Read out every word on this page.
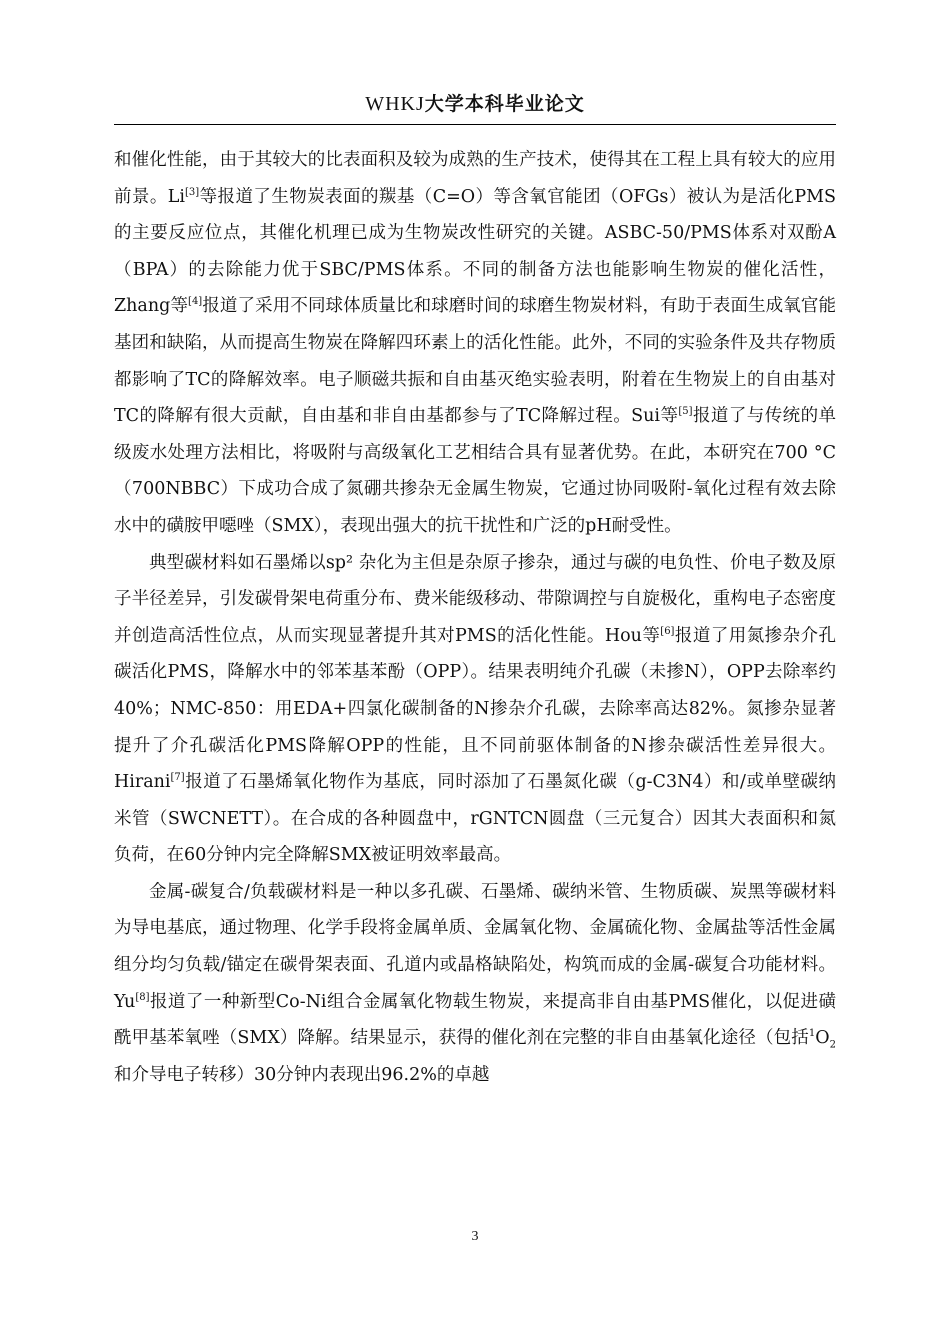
WHKJ大学本科毕业论文

和催化性能，由于其较大的比表面积及较为成熟的生产技术，使得其在工程上具有较大的应用前景。Li[3]等报道了生物炭表面的羰基（C=O）等含氧官能团（OFGs）被认为是活化PMS的主要反应位点，其催化机理已成为生物炭改性研究的关键。ASBC-50/PMS体系对双酚A（BPA）的去除能力优于SBC/PMS体系。不同的制备方法也能影响生物炭的催化活性，Zhang等[4]报道了采用不同球体质量比和球磨时间的球磨生物炭材料，有助于表面生成氧官能基团和缺陷，从而提高生物炭在降解四环素上的活化性能。此外，不同的实验条件及共存物质都影响了TC的降解效率。电子顺磁共振和自由基灭绝实验表明，附着在生物炭上的自由基对TC的降解有很大贡献，自由基和非自由基都参与了TC降解过程。Sui等[5]报道了与传统的单级废水处理方法相比，将吸附与高级氧化工艺相结合具有显著优势。在此，本研究在700 °C（700NBBC）下成功合成了氮硼共掺杂无金属生物炭，它通过协同吸附-氧化过程有效去除水中的磺胺甲噁唑（SMX），表现出强大的抗干扰性和广泛的pH耐受性。

典型碳材料如石墨烯以sp² 杂化为主但是杂原子掺杂，通过与碳的电负性、价电子数及原子半径差异，引发碳骨架电荷重分布、费米能级移动、带隙调控与自旋极化，重构电子态密度并创造高活性位点，从而实现显著提升其对PMS的活化性能。Hou等[6]报道了用氮掺杂介孔碳活化PMS，降解水中的邻苯基苯酚（OPP）。结果表明纯介孔碳（未掺N），OPP去除率约40%；NMC-850：用EDA+四氯化碳制备的N掺杂介孔碳，去除率高达82%。氮掺杂显著提升了介孔碳活化PMS降解OPP的性能，且不同前驱体制备的N掺杂碳活性差异很大。Hirani[7]报道了石墨烯氧化物作为基底，同时添加了石墨氮化碳（g-C3N4）和/或单壁碳纳米管（SWCNETT）。在合成的各种圆盘中，rGNTCN圆盘（三元复合）因其大表面积和氮负荷，在60分钟内完全降解SMX被证明效率最高。

金属-碳复合/负载碳材料是一种以多孔碳、石墨烯、碳纳米管、生物质碳、炭黑等碳材料为导电基底，通过物理、化学手段将金属单质、金属氧化物、金属硫化物、金属盐等活性金属组分均匀负载/锚定在碳骨架表面、孔道内或晶格缺陷处，构筑而成的金属-碳复合功能材料。Yu[8]报道了一种新型Co-Ni组合金属氧化物载生物炭，来提高非自由基PMS催化，以促进磺酰甲基苯氧唑（SMX）降解。结果显示，获得的催化剂在完整的非自由基氧化途径（包括$^1O_2$和介导电子转移）30分钟内表现出96.2%的卓越

3
